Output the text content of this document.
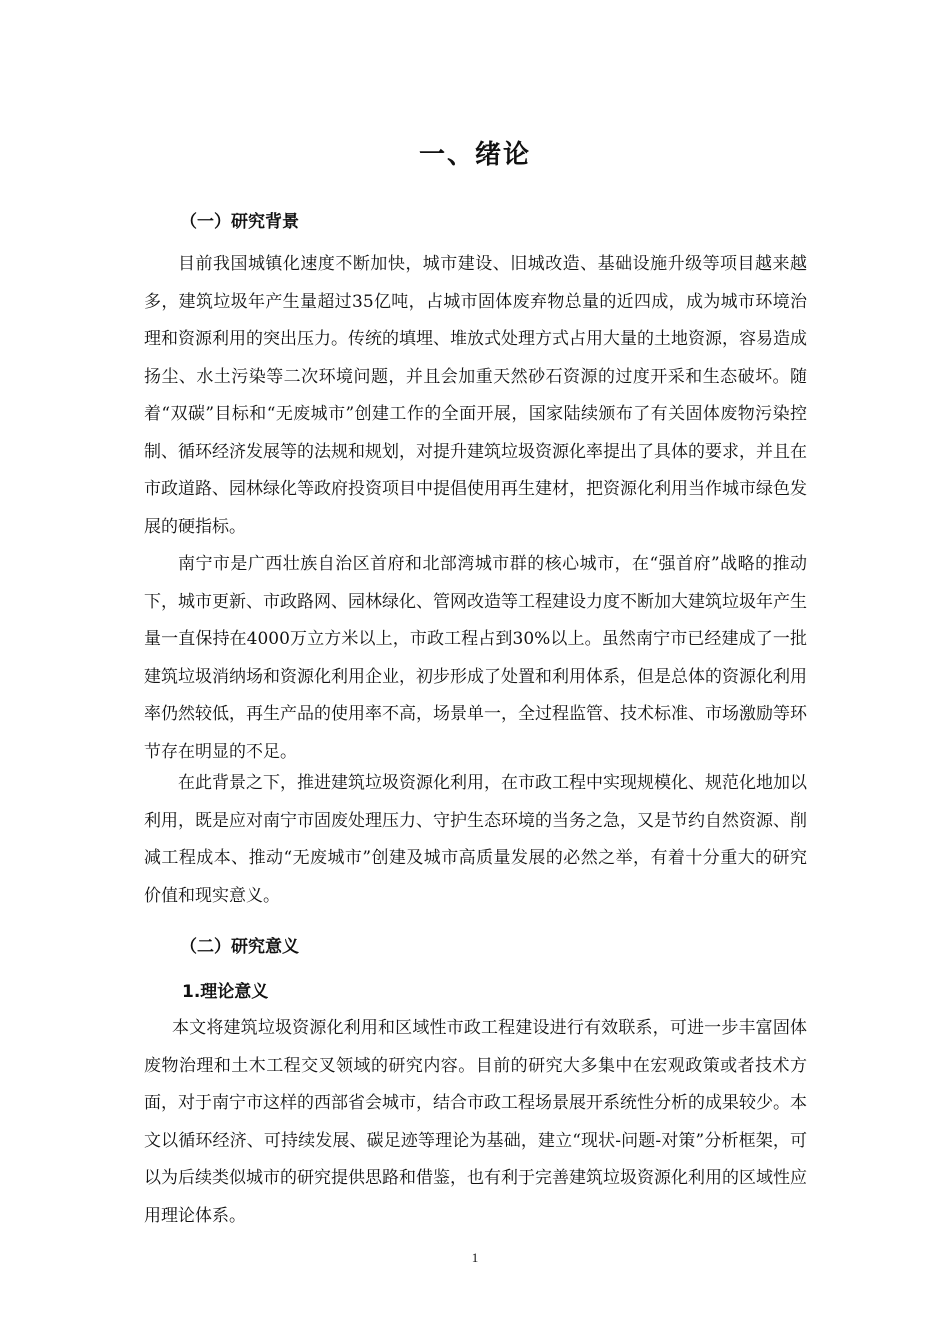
一、绪论
（一）研究背景

目前我国城镇化速度不断加快，城市建设、旧城改造、基础设施升级等项目越来越多，建筑垃圾年产生量超过35亿吨，占城市固体废弃物总量的近四成，成为城市环境治理和资源利用的突出压力。传统的填埋、堆放式处理方式占用大量的土地资源，容易造成扬尘、水土污染等二次环境问题，并且会加重天然砂石资源的过度开采和生态破坏。随着“双碳”目标和“无废城市”创建工作的全面开展，国家陆续颁布了有关固体废物污染控制、循环经济发展等的法规和规划，对提升建筑垃圾资源化率提出了具体的要求，并且在市政道路、园林绿化等政府投资项目中提倡使用再生建材，把资源化利用当作城市绿色发展的硬指标。

南宁市是广西壮族自治区首府和北部湾城市群的核心城市，在“强首府”战略的推动下，城市更新、市政路网、园林绿化、管网改造等工程建设力度不断加大建筑垃圾年产生量一直保持在4000万立方米以上，市政工程占到30%以上。虽然南宁市已经建成了一批建筑垃圾消纳场和资源化利用企业，初步形成了处置和利用体系，但是总体的资源化利用率仍然较低，再生产品的使用率不高，场景单一，全过程监管、技术标准、市场激励等环节存在明显的不足。

在此背景之下，推进建筑垃圾资源化利用，在市政工程中实现规模化、规范化地加以利用，既是应对南宁市固废处理压力、守护生态环境的当务之急，又是节约自然资源、削减工程成本、推动“无废城市”创建及城市高质量发展的必然之举，有着十分重大的研究价值和现实意义。

（二）研究意义
1.理论意义

本文将建筑垃圾资源化利用和区域性市政工程建设进行有效联系，可进一步丰富固体废物治理和土木工程交叉领域的研究内容。目前的研究大多集中在宏观政策或者技术方面，对于南宁市这样的西部省会城市，结合市政工程场景展开系统性分析的成果较少。本文以循环经济、可持续发展、碳足迹等理论为基础，建立“现状-问题-对策”分析框架，可以为后续类似城市的研究提供思路和借鉴，也有利于完善建筑垃圾资源化利用的区域性应用理论体系。

1
